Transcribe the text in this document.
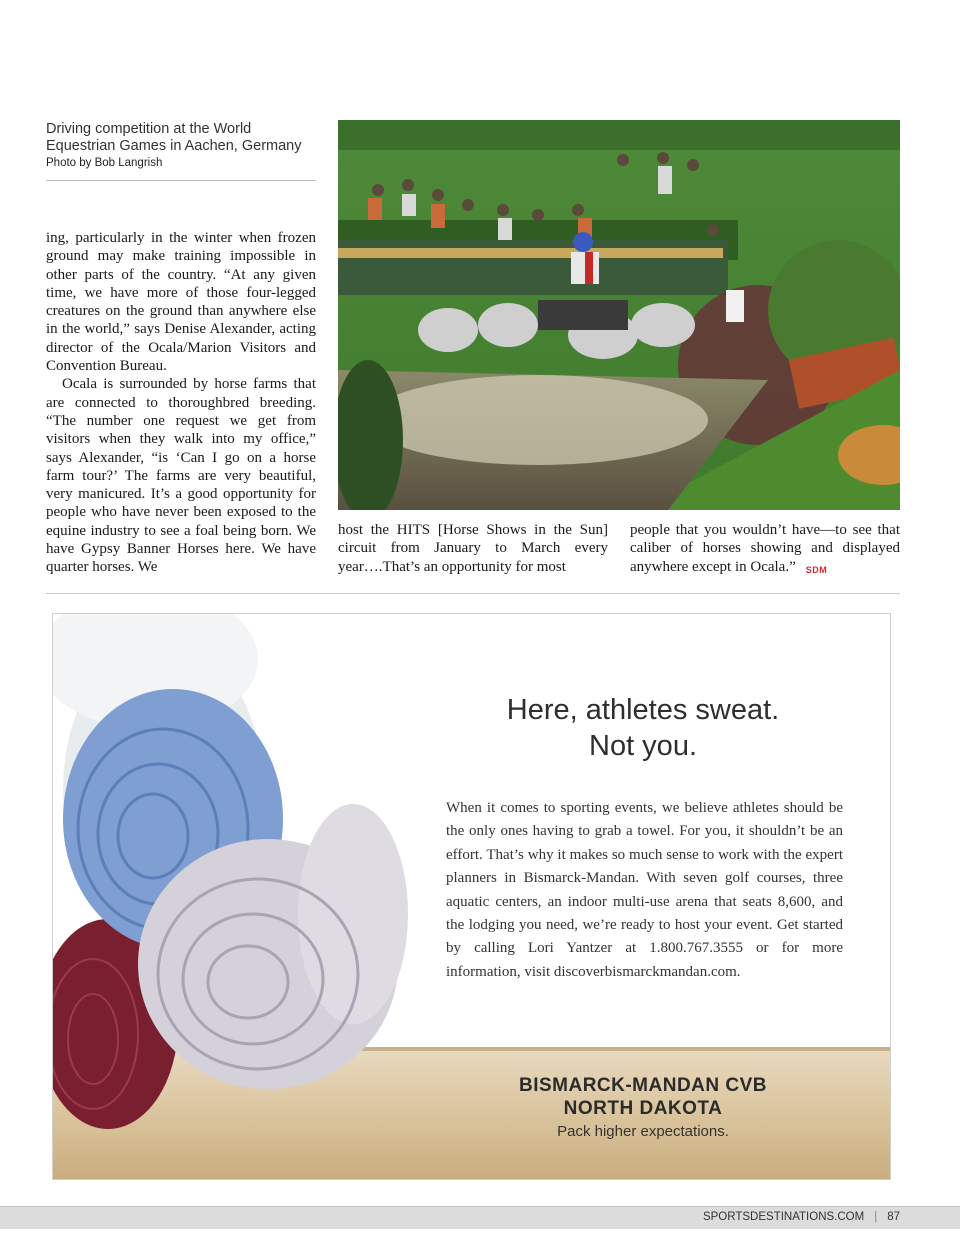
Driving competition at the World Equestrian Games in Aachen, Germany
Photo by Bob Langrish

ing, particularly in the winter when frozen ground may make training impossible in other parts of the country. “At any given time, we have more of those four-legged creatures on the ground than anywhere else in the world,” says Denise Alexander, acting director of the Ocala/Marion Visitors and Convention Bureau.

Ocala is surrounded by horse farms that are connected to thoroughbred breeding. “The number one request we get from visitors when they walk into my office,” says Alexander, “is ‘Can I go on a horse farm tour?’ The farms are very beautiful, very manicured. It’s a good opportunity for people who have never been exposed to the equine industry to see a foal being born. We have Gypsy Banner Horses here. We have quarter horses. We

host the HITS [Horse Shows in the Sun] circuit from January to March every year….That’s an opportunity for most

people that you wouldn’t have—to see that caliber of horses showing and displayed anywhere except in Ocala.” SDM

Here, athletes sweat.
Not you.
When it comes to sporting events, we believe athletes should be the only ones having to grab a towel. For you, it shouldn’t be an effort. That’s why it makes so much sense to work with the expert planners in Bismarck-Mandan. With seven golf courses, three aquatic centers, an indoor multi-use arena that seats 8,600, and the lodging you need, we’re ready to host your event. Get started by calling Lori Yantzer at 1.800.767.3555 or for more information, visit discoverbismarckmandan.com.
BISMARCK-MANDAN CVB
NORTH DAKOTA
Pack higher expectations.
SPORTSDESTINATIONS.COM | 87
